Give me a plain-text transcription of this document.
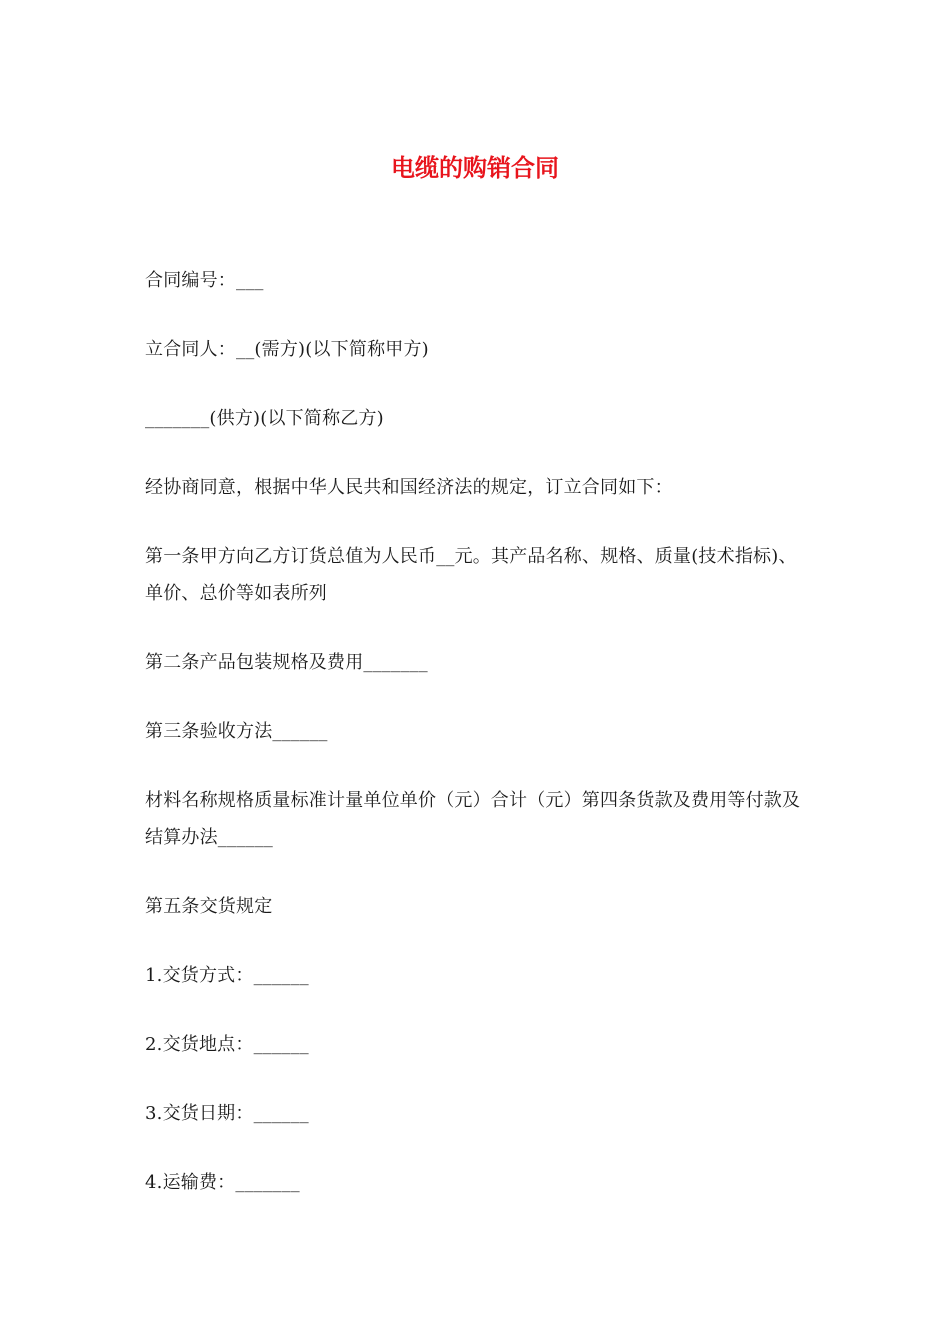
电缆的购销合同

合同编号：___

立合同人：__(需方)(以下简称甲方)

_______(供方)(以下简称乙方)

经协商同意，根据中华人民共和国经济法的规定，订立合同如下：

第一条甲方向乙方订货总值为人民币__元。其产品名称、规格、质量(技术指标)、单价、总价等如表所列

第二条产品包装规格及费用_______

第三条验收方法______

材料名称规格质量标准计量单位单价（元）合计（元）第四条货款及费用等付款及结算办法______

第五条交货规定

1.交货方式：______

2.交货地点：______

3.交货日期：______

4.运输费：_______
